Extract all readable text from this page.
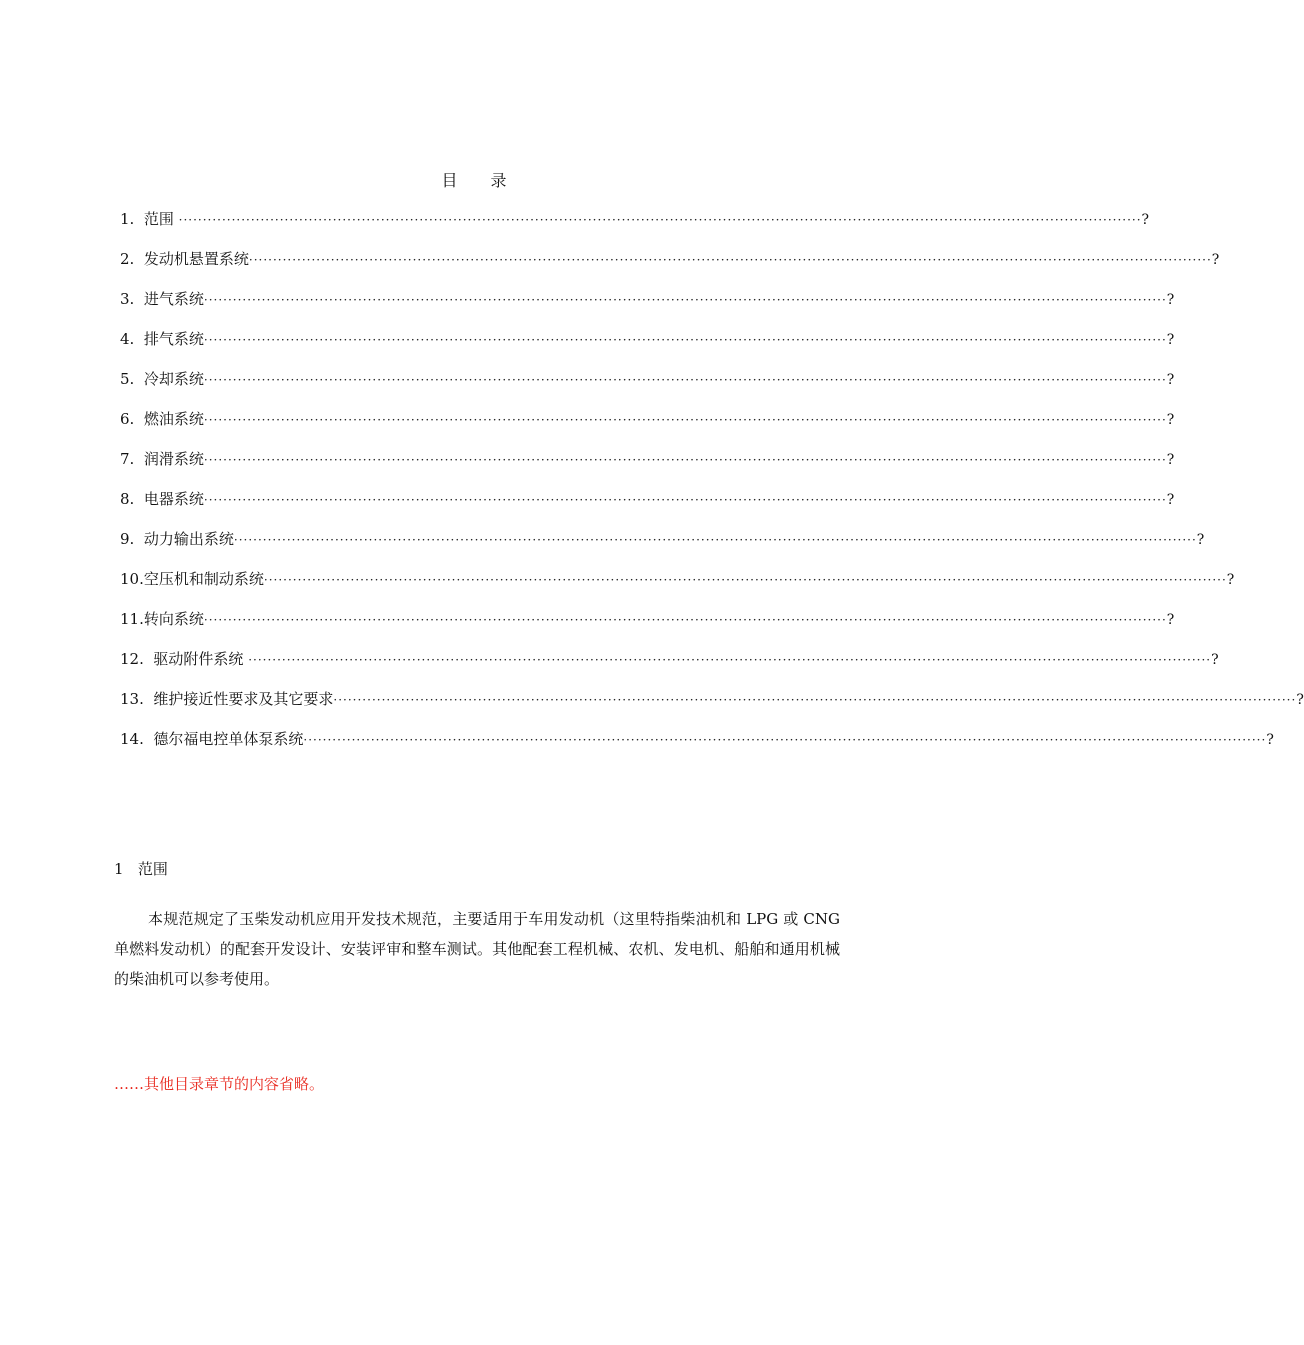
目 录
1. 范围 ········································································································································································································ ?
2. 发动机悬置系统 ········································································································································································································ ?
3. 进气系统 ········································································································································································································ ?
4. 排气系统 ········································································································································································································ ?
5. 冷却系统 ········································································································································································································ ?
6. 燃油系统 ········································································································································································································ ?
7. 润滑系统 ········································································································································································································ ?
8. 电器系统 ········································································································································································································ ?
9. 动力输出系统 ········································································································································································································ ?
10. 空压机和制动系统 ········································································································································································································ ?
11. 转向系统 ········································································································································································································ ?
12. 驱动附件系统 ········································································································································································································ ?
13. 维护接近性要求及其它要求 ········································································································································································································ ?
14. 德尔福电控单体泵系统 ········································································································································································································ ?
1   范围
本规范规定了玉柴发动机应用开发技术规范，主要适用于车用发动机（这里特指柴油机和 LPG 或 CNG单燃料发动机）的配套开发设计、安装评审和整车测试。其他配套工程机械、农机、发电机、船舶和通用机械的柴油机可以参考使用。
……其他目录章节的内容省略。
